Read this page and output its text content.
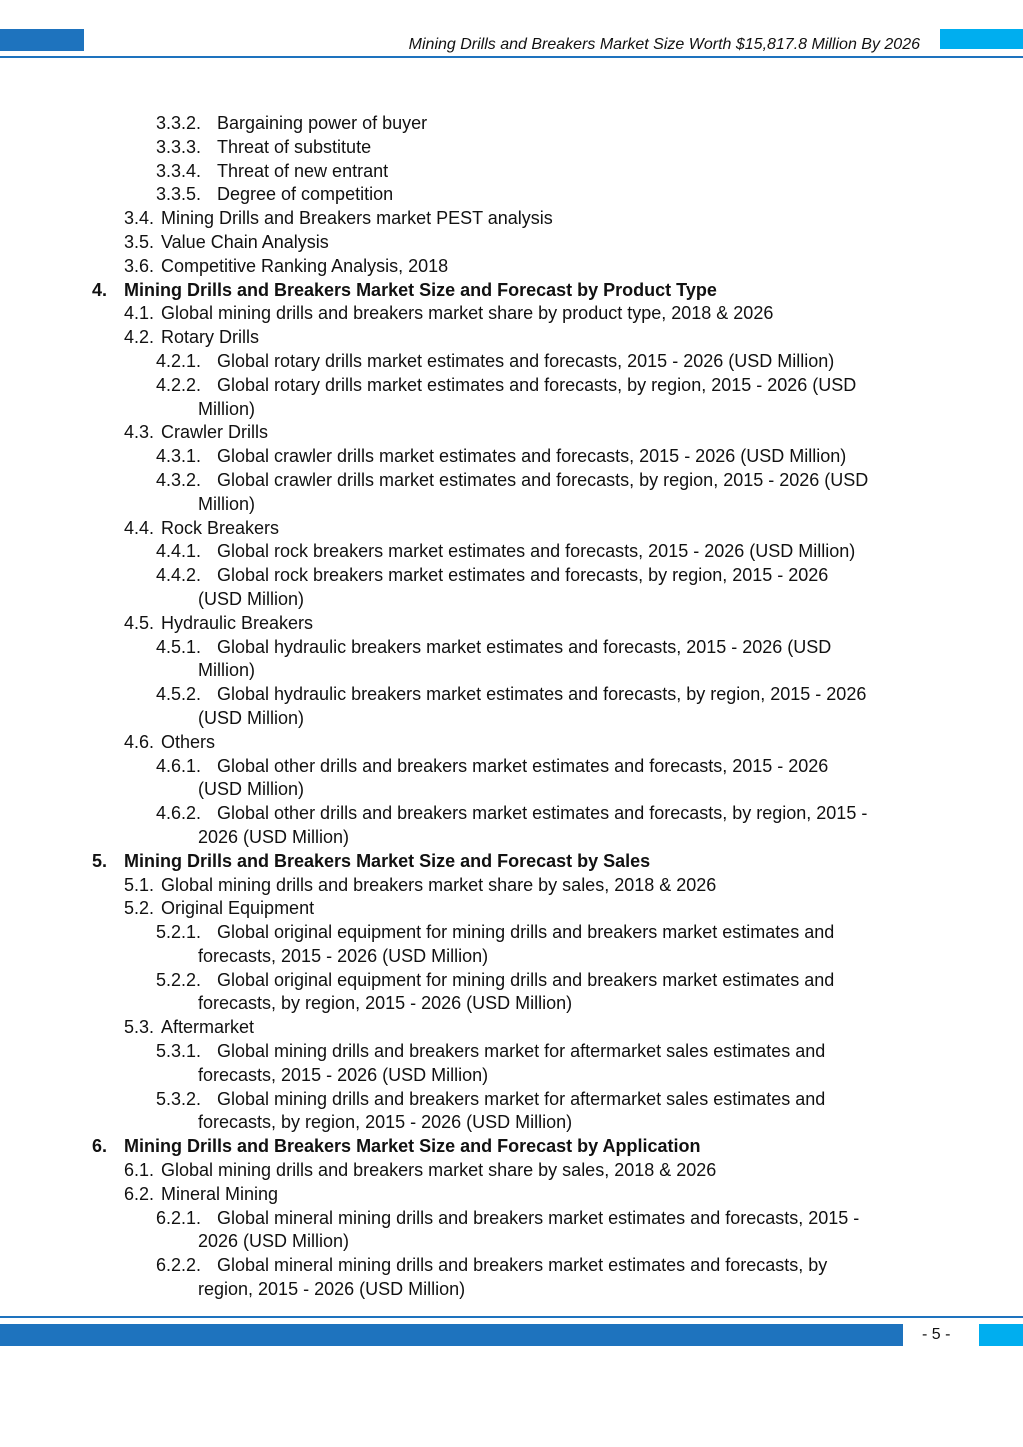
Mining Drills and Breakers Market Size Worth $15,817.8 Million By 2026
3.3.2. Bargaining power of buyer
3.3.3. Threat of substitute
3.3.4. Threat of new entrant
3.3.5. Degree of competition
3.4. Mining Drills and Breakers market PEST analysis
3.5. Value Chain Analysis
3.6. Competitive Ranking Analysis, 2018
4. Mining Drills and Breakers Market Size and Forecast by Product Type
4.1. Global mining drills and breakers market share by product type, 2018 & 2026
4.2. Rotary Drills
4.2.1. Global rotary drills market estimates and forecasts, 2015 - 2026 (USD Million)
4.2.2. Global rotary drills market estimates and forecasts, by region, 2015 - 2026 (USD
Million)
4.3. Crawler Drills
4.3.1. Global crawler drills market estimates and forecasts, 2015 - 2026 (USD Million)
4.3.2. Global crawler drills market estimates and forecasts, by region, 2015 - 2026 (USD
Million)
4.4. Rock Breakers
4.4.1. Global rock breakers market estimates and forecasts, 2015 - 2026 (USD Million)
4.4.2. Global rock breakers market estimates and forecasts, by region, 2015 - 2026
(USD Million)
4.5. Hydraulic Breakers
4.5.1. Global hydraulic breakers market estimates and forecasts, 2015 - 2026 (USD
Million)
4.5.2. Global hydraulic breakers market estimates and forecasts, by region, 2015 - 2026
(USD Million)
4.6. Others
4.6.1. Global other drills and breakers market estimates and forecasts, 2015 - 2026
(USD Million)
4.6.2. Global other drills and breakers market estimates and forecasts, by region, 2015 -
2026 (USD Million)
5. Mining Drills and Breakers Market Size and Forecast by Sales
5.1. Global mining drills and breakers market share by sales, 2018 & 2026
5.2. Original Equipment
5.2.1. Global original equipment for mining drills and breakers market estimates and
forecasts, 2015 - 2026 (USD Million)
5.2.2. Global original equipment for mining drills and breakers market estimates and
forecasts, by region, 2015 - 2026 (USD Million)
5.3. Aftermarket
5.3.1. Global mining drills and breakers market for aftermarket sales estimates and
forecasts, 2015 - 2026 (USD Million)
5.3.2. Global mining drills and breakers market for aftermarket sales estimates and
forecasts, by region, 2015 - 2026 (USD Million)
6. Mining Drills and Breakers Market Size and Forecast by Application
6.1. Global mining drills and breakers market share by sales, 2018 & 2026
6.2. Mineral Mining
6.2.1. Global mineral mining drills and breakers market estimates and forecasts, 2015 -
2026 (USD Million)
6.2.2. Global mineral mining drills and breakers market estimates and forecasts, by
region, 2015 - 2026 (USD Million)
- 5 -
